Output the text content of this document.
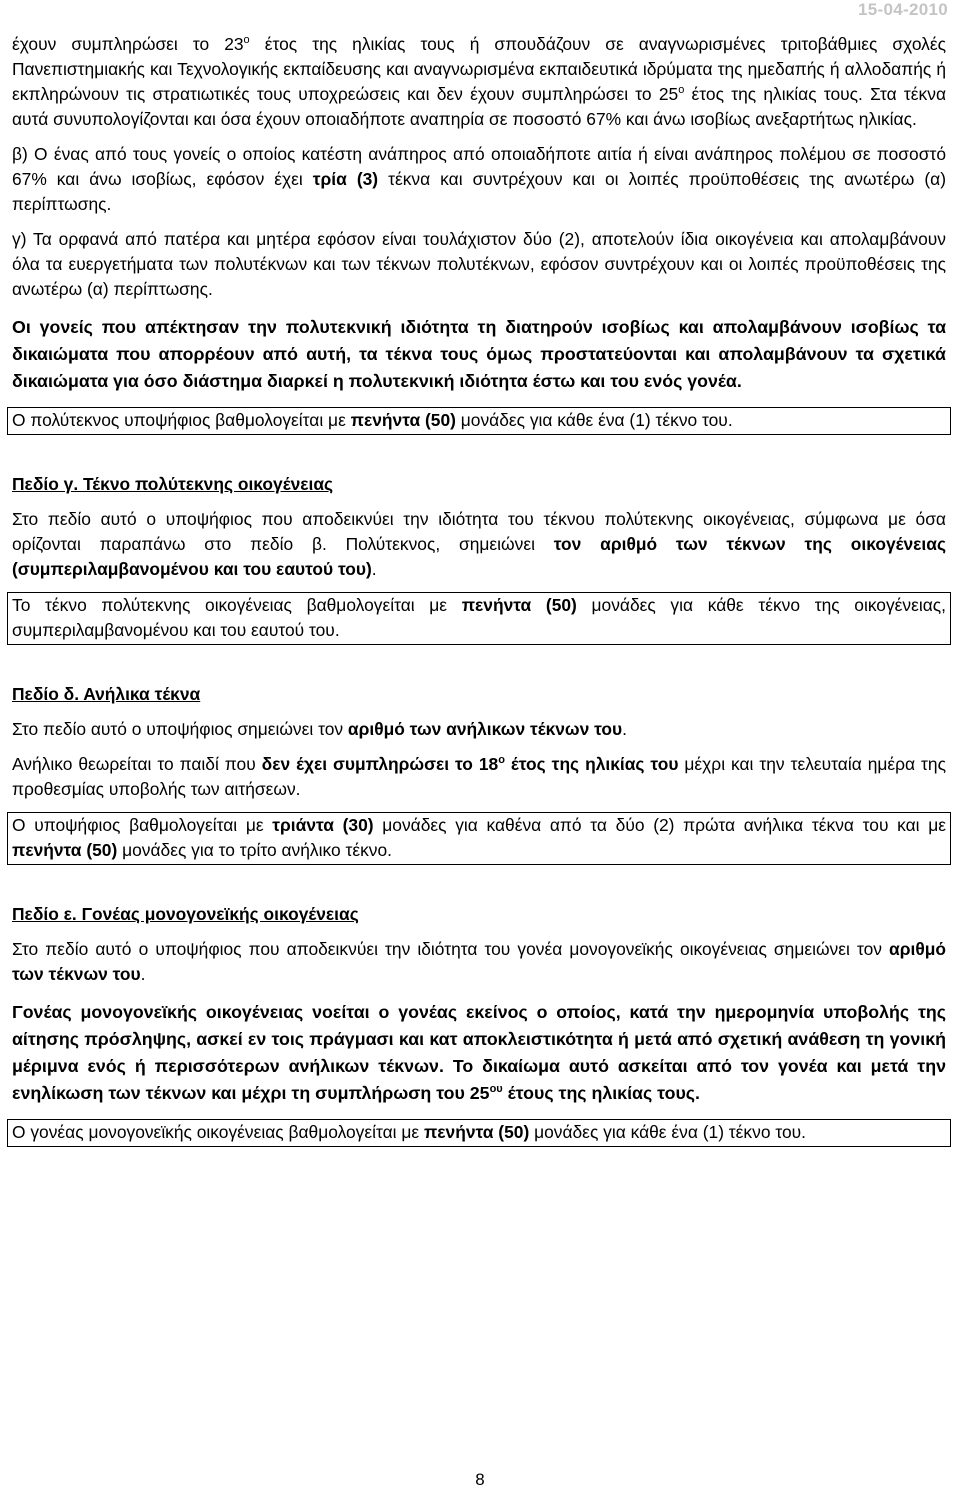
15-04-2010

έχουν συμπληρώσει το $23^o$ έτος της ηλικίας τους ή σπουδάζουν σε αναγνωρισμένες τριτοβάθμιες σχολές Πανεπιστημιακής και Τεχνολογικής εκπαίδευσης και αναγνωρισμένα εκπαιδευτικά ιδρύματα της ημεδαπής ή αλλοδαπής ή εκπληρώνουν τις στρατιωτικές τους υποχρεώσεις και δεν έχουν συμπληρώσει το $25^o$ έτος της ηλικίας τους. Στα τέκνα αυτά συνυπολογίζονται και όσα έχουν οποιαδήποτε αναπηρία σε ποσοστό 67% και άνω ισοβίως ανεξαρτήτως ηλικίας.

β) Ο ένας από τους γονείς ο οποίος κατέστη ανάπηρος από οποιαδήποτε αιτία ή είναι ανάπηρος πολέμου σε ποσοστό 67% και άνω ισοβίως, εφόσον έχει τρία (3) τέκνα και συντρέχουν και οι λοιπές προϋποθέσεις της ανωτέρω (α) περίπτωσης.

γ) Τα ορφανά από πατέρα και μητέρα εφόσον είναι τουλάχιστον δύο (2), αποτελούν ίδια οικογένεια και απολαμβάνουν όλα τα ευεργετήματα των πολυτέκνων και των τέκνων πολυτέκνων, εφόσον συντρέχουν και οι λοιπές προϋποθέσεις της ανωτέρω (α) περίπτωσης.

Οι γονείς που απέκτησαν την πολυτεκνική ιδιότητα τη διατηρούν ισοβίως και απολαμβάνουν ισοβίως τα δικαιώματα που απορρέουν από αυτή, τα τέκνα τους όμως προστατεύονται και απολαμβάνουν τα σχετικά δικαιώματα για όσο διάστημα διαρκεί η πολυτεκνική ιδιότητα έστω και του ενός γονέα.

Ο πολύτεκνος υποψήφιος βαθμολογείται με πενήντα (50) μονάδες για κάθε ένα (1) τέκνο του.

Πεδίο γ. Τέκνο πολύτεκνης οικογένειας

Στο πεδίο αυτό ο υποψήφιος που αποδεικνύει την ιδιότητα του τέκνου πολύτεκνης οικογένειας, σύμφωνα με όσα ορίζονται παραπάνω στο πεδίο β. Πολύτεκνος, σημειώνει τον αριθμό των τέκνων της οικογένειας (συμπεριλαμβανομένου και του εαυτού του).

Το τέκνο πολύτεκνης οικογένειας βαθμολογείται με πενήντα (50) μονάδες για κάθε τέκνο της οικογένειας, συμπεριλαμβανομένου και του εαυτού του.

Πεδίο δ. Ανήλικα τέκνα

Στο πεδίο αυτό ο υποψήφιος σημειώνει τον αριθμό των ανήλικων τέκνων του.

Ανήλικο θεωρείται το παιδί που δεν έχει συμπληρώσει το $18^o$ έτος της ηλικίας του μέχρι και την τελευταία ημέρα της προθεσμίας υποβολής των αιτήσεων.

Ο υποψήφιος βαθμολογείται με τριάντα (30) μονάδες για καθένα από τα δύο (2) πρώτα ανήλικα τέκνα του και με πενήντα (50) μονάδες για το τρίτο ανήλικο τέκνο.

Πεδίο ε. Γονέας μονογονεϊκής οικογένειας

Στο πεδίο αυτό ο υποψήφιος που αποδεικνύει την ιδιότητα του γονέα μονογονεϊκής οικογένειας σημειώνει τον αριθμό των τέκνων του.

Γονέας μονογονεϊκής οικογένειας νοείται ο γονέας εκείνος ο οποίος, κατά την ημερομηνία υποβολής της αίτησης πρόσληψης, ασκεί εν τοις πράγμασι και κατ αποκλειστικότητα ή μετά από σχετική ανάθεση τη γονική μέριμνα ενός ή περισσότερων ανήλικων τέκνων. Το δικαίωμα αυτό ασκείται από τον γονέα και μετά την ενηλίκωση των τέκνων και μέχρι τη συμπλήρωση του $25^{o\upsilon}$ έτους της ηλικίας τους.

Ο γονέας μονογονεϊκής οικογένειας βαθμολογείται με πενήντα (50) μονάδες για κάθε ένα (1) τέκνο του.

8
